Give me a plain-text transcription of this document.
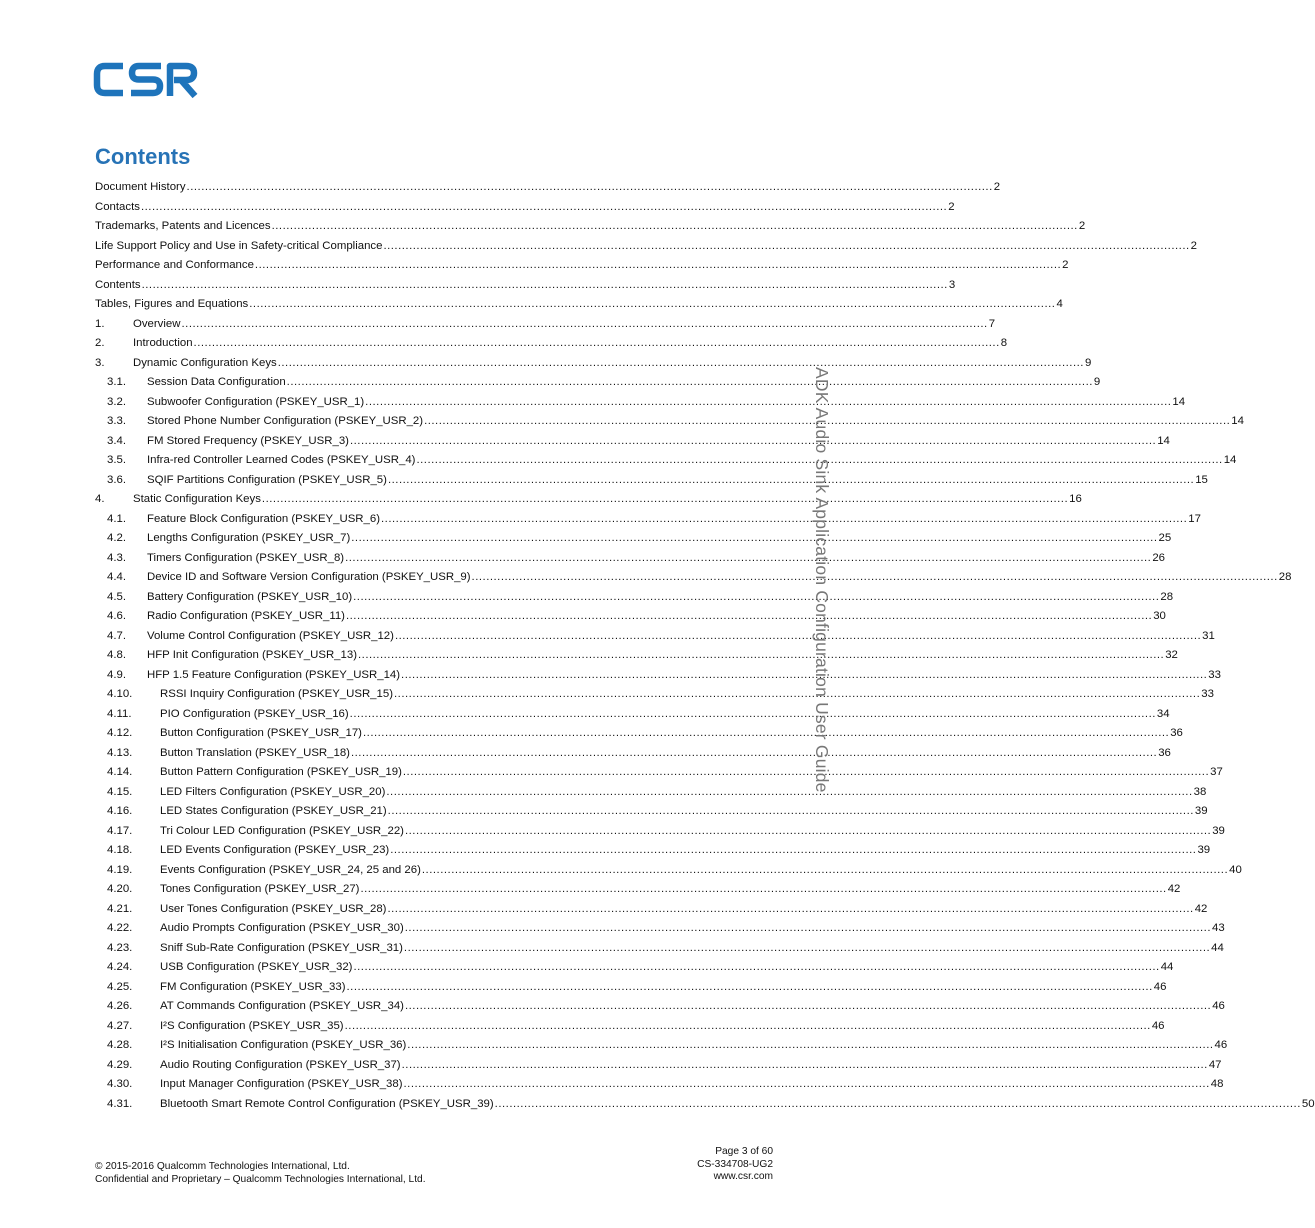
Contents
Document History ............................................................................................................................................................................................................................ 2
Contacts ............................................................................................................................................................................................................................ 2
Trademarks, Patents and Licences ............................................................................................................................................................................................................................ 2
Life Support Policy and Use in Safety-critical Compliance ............................................................................................................................................................................................................................ 2
Performance and Conformance ............................................................................................................................................................................................................................ 2
Contents ............................................................................................................................................................................................................................ 3
Tables, Figures and Equations ............................................................................................................................................................................................................................ 4
1.	Overview ............................................................................................................................................................................................................................ 7
2.	Introduction ............................................................................................................................................................................................................................ 8
3.	Dynamic Configuration Keys ............................................................................................................................................................................................................................ 9
3.1. Session Data Configuration ............................................................................................................................................................................................................................ 9
3.2. Subwoofer Configuration (PSKEY_USR_1) ............................................................................................................................................................................................................................ 14
3.3. Stored Phone Number Configuration (PSKEY_USR_2) ............................................................................................................................................................................................................................ 14
3.4. FM Stored Frequency (PSKEY_USR_3) ............................................................................................................................................................................................................................ 14
3.5. Infra-red Controller Learned Codes (PSKEY_USR_4) ............................................................................................................................................................................................................................ 14
3.6. SQIF Partitions Configuration (PSKEY_USR_5) ............................................................................................................................................................................................................................ 15
4.	Static Configuration Keys ............................................................................................................................................................................................................................ 16
4.1. Feature Block Configuration (PSKEY_USR_6) ............................................................................................................................................................................................................................ 17
4.2. Lengths Configuration (PSKEY_USR_7) ............................................................................................................................................................................................................................ 25
4.3. Timers Configuration (PSKEY_USR_8) ............................................................................................................................................................................................................................ 26
4.4. Device ID and Software Version Configuration (PSKEY_USR_9) ............................................................................................................................................................................................................................ 28
4.5. Battery Configuration (PSKEY_USR_10) ............................................................................................................................................................................................................................ 28
4.6. Radio Configuration (PSKEY_USR_11) ............................................................................................................................................................................................................................ 30
4.7. Volume Control Configuration (PSKEY_USR_12) ............................................................................................................................................................................................................................ 31
4.8. HFP Init Configuration (PSKEY_USR_13) ............................................................................................................................................................................................................................ 32
4.9. HFP 1.5 Feature Configuration (PSKEY_USR_14) ............................................................................................................................................................................................................................ 33
4.10. RSSI Inquiry Configuration (PSKEY_USR_15) ............................................................................................................................................................................................................................ 33
4.11.	PIO Configuration (PSKEY_USR_16) ............................................................................................................................................................................................................................ 34
4.12. Button Configuration (PSKEY_USR_17) ............................................................................................................................................................................................................................ 36
4.13. Button Translation (PSKEY_USR_18) ............................................................................................................................................................................................................................ 36
4.14. Button Pattern Configuration (PSKEY_USR_19) ............................................................................................................................................................................................................................ 37
4.15. LED Filters Configuration (PSKEY_USR_20) ............................................................................................................................................................................................................................ 38
4.16. LED States Configuration (PSKEY_USR_21) ............................................................................................................................................................................................................................ 39
4.17. Tri Colour LED Configuration (PSKEY_USR_22) ............................................................................................................................................................................................................................ 39
4.18. LED Events Configuration (PSKEY_USR_23) ............................................................................................................................................................................................................................ 39
4.19. Events Configuration (PSKEY_USR_24, 25 and 26) ............................................................................................................................................................................................................................ 40
4.20. Tones Configuration (PSKEY_USR_27) ............................................................................................................................................................................................................................ 42
4.21. User Tones Configuration (PSKEY_USR_28) ............................................................................................................................................................................................................................ 42
4.22. Audio Prompts Configuration (PSKEY_USR_30) ............................................................................................................................................................................................................................ 43
4.23. Sniff Sub-Rate Configuration (PSKEY_USR_31) ............................................................................................................................................................................................................................ 44
4.24. USB Configuration (PSKEY_USR_32) ............................................................................................................................................................................................................................ 44
4.25. FM Configuration (PSKEY_USR_33) ............................................................................................................................................................................................................................ 46
4.26. AT Commands Configuration (PSKEY_USR_34) ............................................................................................................................................................................................................................ 46
4.27. I²S Configuration (PSKEY_USR_35) ............................................................................................................................................................................................................................ 46
4.28. I²S Initialisation Configuration (PSKEY_USR_36) ............................................................................................................................................................................................................................ 46
4.29. Audio Routing Configuration (PSKEY_USR_37) ............................................................................................................................................................................................................................ 47
4.30. Input Manager Configuration (PSKEY_USR_38) ............................................................................................................................................................................................................................ 48
4.31. Bluetooth Smart Remote Control Configuration (PSKEY_USR_39) ............................................................................................................................................................................................................................ 50
ADK Audio Sink Application Configuration User Guide
© 2015-2016 Qualcomm Technologies International, Ltd.
Confidential and Proprietary – Qualcomm Technologies International, Ltd.
Page 3 of 60
CS-334708-UG2
www.csr.com
